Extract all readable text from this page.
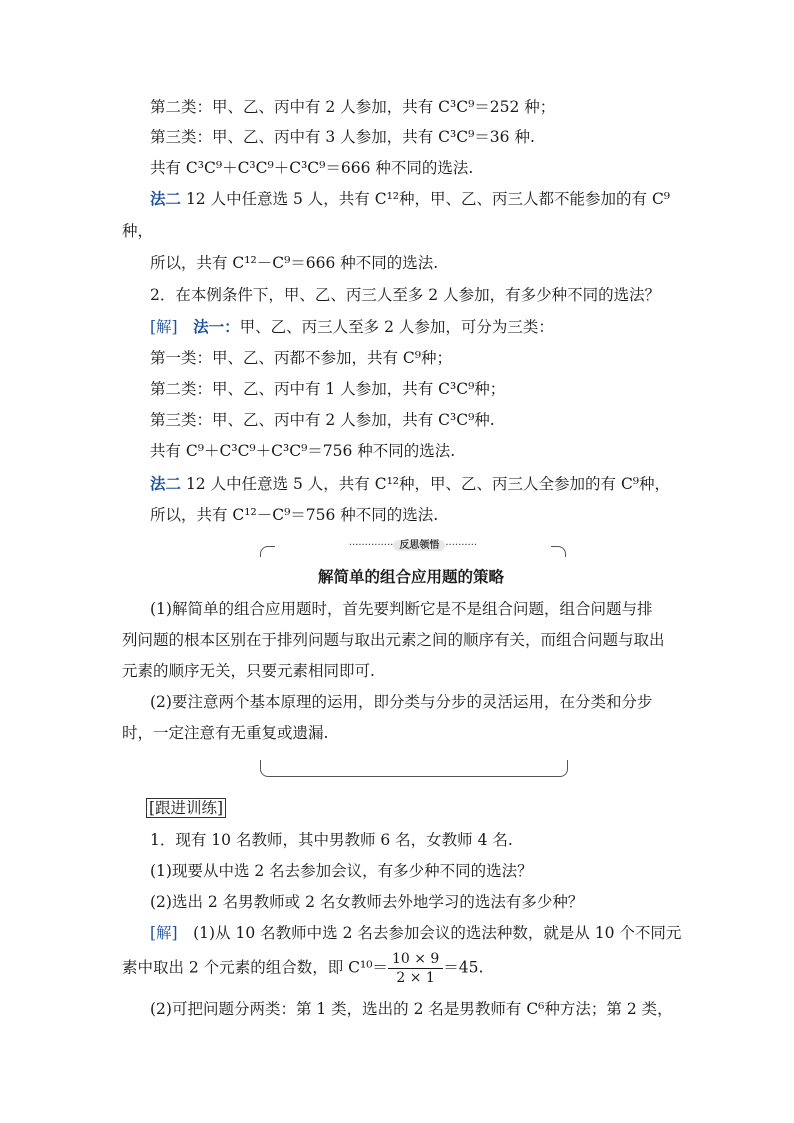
第二类：甲、乙、丙中有 2 人参加，共有 C³C⁹＝252 种；
第三类：甲、乙、丙中有 3 人参加，共有 C³C⁹＝36 种.
共有 C³C⁹＋C³C⁹＋C³C⁹＝666 种不同的选法.
法二 12 人中任意选 5 人，共有 C¹²种，甲、乙、丙三人都不能参加的有 C⁹
种，
所以，共有 C¹²－C⁹＝666 种不同的选法.
2．在本例条件下，甲、乙、丙三人至多 2 人参加，有多少种不同的选法？
[解]　 法一：甲、乙、丙三人至多 2 人参加，可分为三类：
第一类：甲、乙、丙都不参加，共有 C⁹种；
第二类：甲、乙、丙中有 1 人参加，共有 C³C⁹种；
第三类：甲、乙、丙中有 2 人参加，共有 C³C⁹种.
共有 C⁹＋C³C⁹＋C³C⁹＝756 种不同的选法.
法二 12 人中任意选 5 人，共有 C¹²种，甲、乙、丙三人全参加的有 C⁹种，
所以，共有 C¹²－C⁹＝756 种不同的选法.
·············· 反思领悟 ··········
解简单的组合应用题的策略
(1)解简单的组合应用题时，首先要判断它是不是组合问题，组合问题与排
列问题的根本区别在于排列问题与取出元素之间的顺序有关，而组合问题与取出
元素的顺序无关，只要元素相同即可.
(2)要注意两个基本原理的运用，即分类与分步的灵活运用，在分类和分步
时，一定注意有无重复或遗漏.
[跟进训练]
1．现有 10 名教师，其中男教师 6 名，女教师 4 名.
(1)现要从中选 2 名去参加会议，有多少种不同的选法？
(2)选出 2 名男教师或 2 名女教师去外地学习的选法有多少种？
[解]　(1)从 10 名教师中选 2 名去参加会议的选法种数，就是从 10 个不同元
素中取出 2 个元素的组合数，即 $C^{10}= \frac{10 \times 9}{2 \times 1} =45$.
(2)可把问题分两类：第 1 类，选出的 2 名是男教师有 C⁶种方法；第 2 类，
